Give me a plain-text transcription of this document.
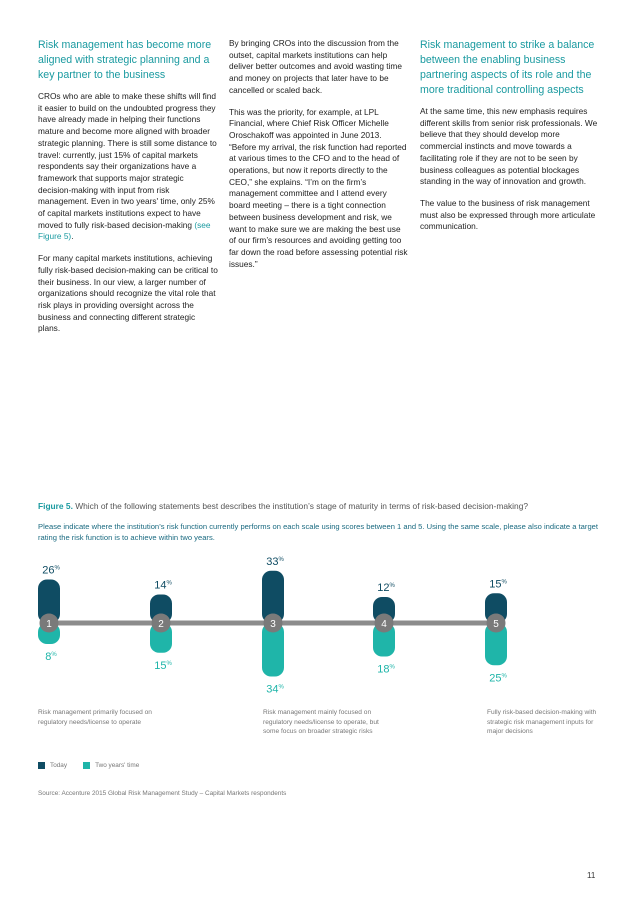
Risk management has become more aligned with strategic planning and a key partner to the business

CROs who are able to make these shifts will find it easier to build on the undoubted progress they have already made in helping their functions mature and become more aligned with broader strategic planning. There is still some distance to travel: currently, just 15% of capital markets respondents say their organizations have a framework that supports major strategic decision-making with input from risk management. Even in two years' time, only 25% of capital markets institutions expect to have moved to fully risk-based decision-making (see Figure 5).

For many capital markets institutions, achieving fully risk-based decision-making can be critical to their business. In our view, a larger number of organizations should recognize the vital role that risk plays in providing oversight across the business and connecting different strategic plans.

By bringing CROs into the discussion from the outset, capital markets institutions can help deliver better outcomes and avoid wasting time and money on projects that later have to be cancelled or scaled back.

This was the priority, for example, at LPL Financial, where Chief Risk Officer Michelle Oroschakoff was appointed in June 2013. “Before my arrival, the risk function had reported at various times to the CFO and to the head of operations, but now it reports directly to the CEO,” she explains. “I’m on the firm’s management committee and I attend every board meeting – there is a tight connection between business development and risk, we want to make sure we are making the best use of our firm’s resources and avoiding getting too far down the road before assessing potential risk issues.”

Risk management to strike a balance between the enabling business partnering aspects of its role and the more traditional controlling aspects

At the same time, this new emphasis requires different skills from senior risk professionals. We believe that they should develop more commercial instincts and move towards a facilitating role if they are not to be seen by business colleagues as potential blockages standing in the way of innovation and growth.

The value to the business of risk management must also be expressed through more articulate communication.

Figure 5. Which of the following statements best describes the institution’s stage of maturity in terms of risk-based decision-making?
Please indicate where the institution’s risk function currently performs on each scale using scores between 1 and 5. Using the same scale, please also indicate a target rating the risk function is to achieve within two years.
1
26%
8%
2
14%
15%
3
33%
34%
4
12%
18%
5
15%
25%
Risk management primarily focused on regulatory needs/license to operate
Risk management mainly focused on regulatory needs/license to operate, but some focus on broader strategic risks
Fully risk-based decision-making with strategic risk management inputs for major decisions
Today	Two years' time
Source: Accenture 2015 Global Risk Management Study – Capital Markets respondents
11
